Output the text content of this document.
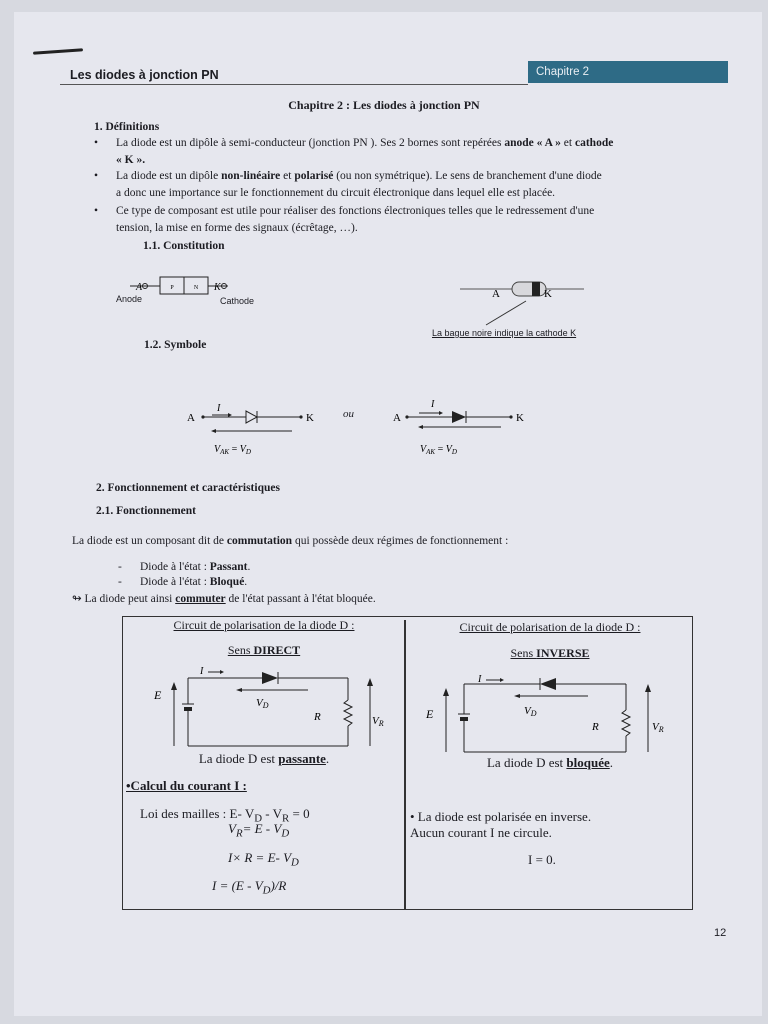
Les diodes à jonction PN	Chapitre 2
Chapitre 2 : Les diodes à jonction PN
1. Définitions
• La diode est un dipôle à semi-conducteur (jonction PN ). Ses 2 bornes sont repérées anode « A » et cathode
« K ».
• La diode est un dipôle non-linéaire et polarisé (ou non symétrique). Le sens de branchement d'une diode
a donc une importance sur le fonctionnement du circuit électronique dans lequel elle est placée.
• Ce type de composant est utile pour réaliser des fonctions électroniques telles que le redressement d'une
tension, la mise en forme des signaux (écrêtage, …).
1.1. Constitution
P	N
A	K
Anode	Cathode
A	K
La bague noire indique la cathode K
1.2. Symbole
A	K
I
$V_{AK} = V_D$
ou	A	K
I
$V_{AK} = V_D$
2. Fonctionnement et caractéristiques
2.1. Fonctionnement
La diode est un composant dit de commutation qui possède deux régimes de fonctionnement :
- Diode à l'état : Passant.
- Diode à l'état : Bloqué.
↬ La diode peut ainsi commuter de l'état passant à l'état bloquée.
Circuit de polarisation de la diode D :
Sens DIRECT
E
I
VD
R	VR
La diode D est passante.
•Calcul du courant I :
Loi des mailles : E- $V_D - V_R = 0$
$V_R= E - V_D$
I× R = E- $V_D$
$I = (E - V_D)/R$
Circuit de polarisation de la diode D :
Sens INVERSE
E
I
VD
R	VR
La diode D est bloquée.
• La diode est polarisée en inverse.
Aucun courant I ne circule.
I = 0.
12
